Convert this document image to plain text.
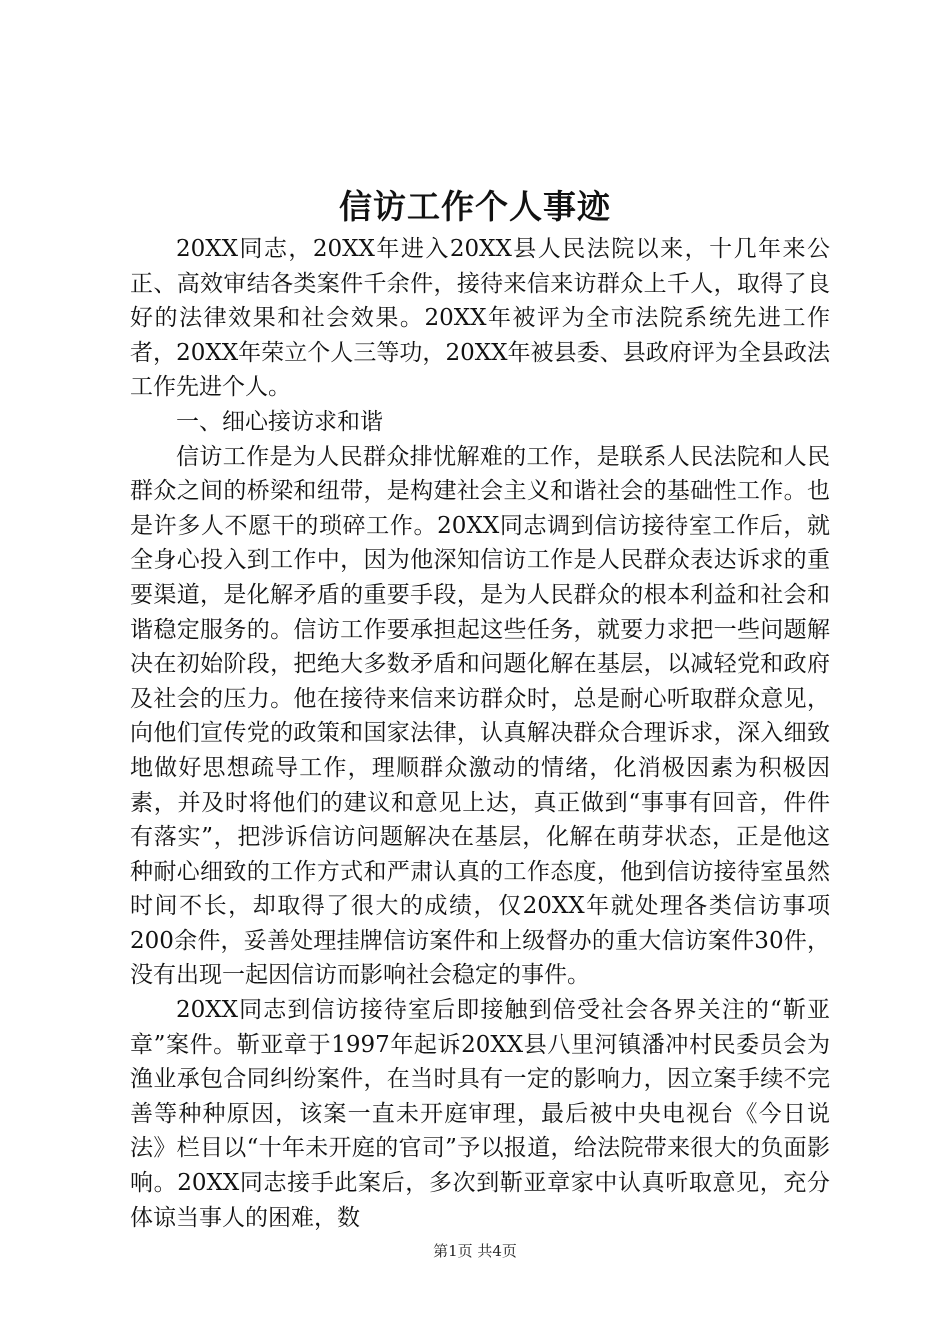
信访工作个人事迹

20XX同志，20XX年进入20XX县人民法院以来，十几年来公正、高效审结各类案件千余件，接待来信来访群众上千人，取得了良好的法律效果和社会效果。20XX年被评为全市法院系统先进工作者，20XX年荣立个人三等功，20XX年被县委、县政府评为全县政法工作先进个人。

一、细心接访求和谐

信访工作是为人民群众排忧解难的工作，是联系人民法院和人民群众之间的桥梁和纽带，是构建社会主义和谐社会的基础性工作。也是许多人不愿干的琐碎工作。20XX同志调到信访接待室工作后，就全身心投入到工作中，因为他深知信访工作是人民群众表达诉求的重要渠道，是化解矛盾的重要手段，是为人民群众的根本利益和社会和谐稳定服务的。信访工作要承担起这些任务，就要力求把一些问题解决在初始阶段，把绝大多数矛盾和问题化解在基层，以减轻党和政府及社会的压力。他在接待来信来访群众时，总是耐心听取群众意见，向他们宣传党的政策和国家法律，认真解决群众合理诉求，深入细致地做好思想疏导工作，理顺群众激动的情绪，化消极因素为积极因素，并及时将他们的建议和意见上达，真正做到“事事有回音，件件有落实”，把涉诉信访问题解决在基层，化解在萌芽状态，正是他这种耐心细致的工作方式和严肃认真的工作态度，他到信访接待室虽然时间不长，却取得了很大的成绩，仅20XX年就处理各类信访事项200余件，妥善处理挂牌信访案件和上级督办的重大信访案件30件，没有出现一起因信访而影响社会稳定的事件。

20XX同志到信访接待室后即接触到倍受社会各界关注的“靳亚章”案件。靳亚章于1997年起诉20XX县八里河镇潘冲村民委员会为渔业承包合同纠纷案件，在当时具有一定的影响力，因立案手续不完善等种种原因，该案一直未开庭审理，最后被中央电视台《今日说法》栏目以“十年未开庭的官司”予以报道，给法院带来很大的负面影响。20XX同志接手此案后，多次到靳亚章家中认真听取意见，充分体谅当事人的困难，数

第1页 共4页
